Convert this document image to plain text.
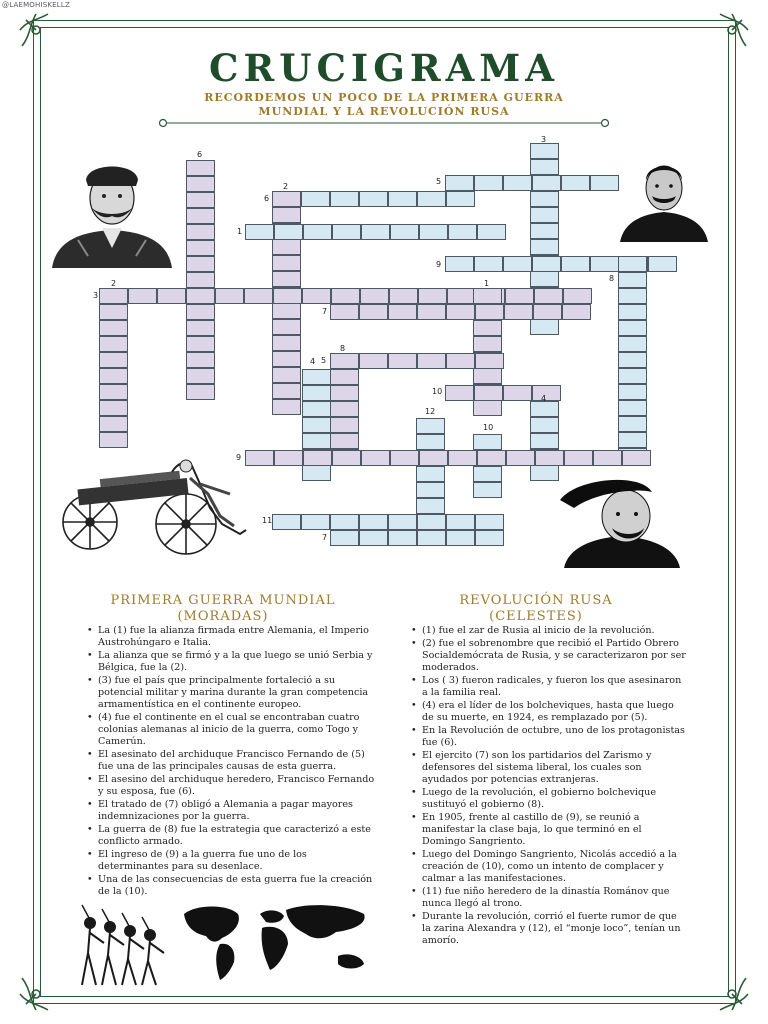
@LAEMOHISKELLZ
CRUCIGRAMA
RECORDEMOS UN POCO DE LA PRIMERA GUERRA
MUNDIAL Y LA REVOLUCIÓN RUSA
6
3
2
5
6
1
9
8
3
2	1
7
8
4 5
10
4
12
10
9
11
7
PRIMERA GUERRA MUNDIAL
(MORADAS)
• La (1) fue la alianza firmada entre Alemania, el Imperio Austrohúngaro e Italia.
• La alianza que se firmó y a la que luego se unió Serbia y Bélgica, fue la (2).
• (3) fue el país que principalmente fortaleció a su potencial militar y marina durante la gran competencia armamentística en el continente europeo.
• (4) fue el continente en el cual se encontraban cuatro colonias alemanas al inicio de la guerra, como Togo y Camerún.
• El asesinato del archiduque Francisco Fernando de (5) fue una de las principales causas de esta guerra.
• El asesino del archiduque heredero, Francisco Fernando y su esposa, fue (6).
• El tratado de (7) obligó a Alemania a pagar mayores indemnizaciones por la guerra.
• La guerra de (8) fue la estrategia que caracterizó a este conflicto armado.
• El ingreso de (9) a la guerra fue uno de los determinantes para su desenlace.
• Una de las consecuencias de esta guerra fue la creación de la (10).
REVOLUCIÓN RUSA
(CELESTES)
• (1) fue el zar de Rusia al inicio de la revolución.
• (2) fue el sobrenombre que recibió el Partido Obrero Socialdemócrata de Rusia, y se caracterizaron por ser moderados.
• Los ( 3) fueron radicales, y fueron los que asesinaron a la familia real.
• (4) era el líder de los bolcheviques, hasta que luego de su muerte, en 1924, es remplazado por (5).
• En la Revolución de octubre, uno de los protagonistas fue (6).
• El ejercito (7) son los partidarios del Zarismo y defensores del sistema liberal, los cuales son ayudados por potencias extranjeras.
• Luego de la revolución, el gobierno bolchevique sustituyó el gobierno (8).
• En 1905, frente al castillo de (9), se reunió a manifestar la clase baja, lo que terminó en el Domingo Sangriento.
• Luego del Domingo Sangriento, Nicolás accedió a la creación de (10), como un intento de complacer y calmar a las manifestaciones.
• (11) fue niño heredero de la dinastía Románov que nunca llegó al trono.
• Durante la revolución, corrió el fuerte rumor de que la zarina Alexandra y (12), el “monje loco”, tenían un amorío.
